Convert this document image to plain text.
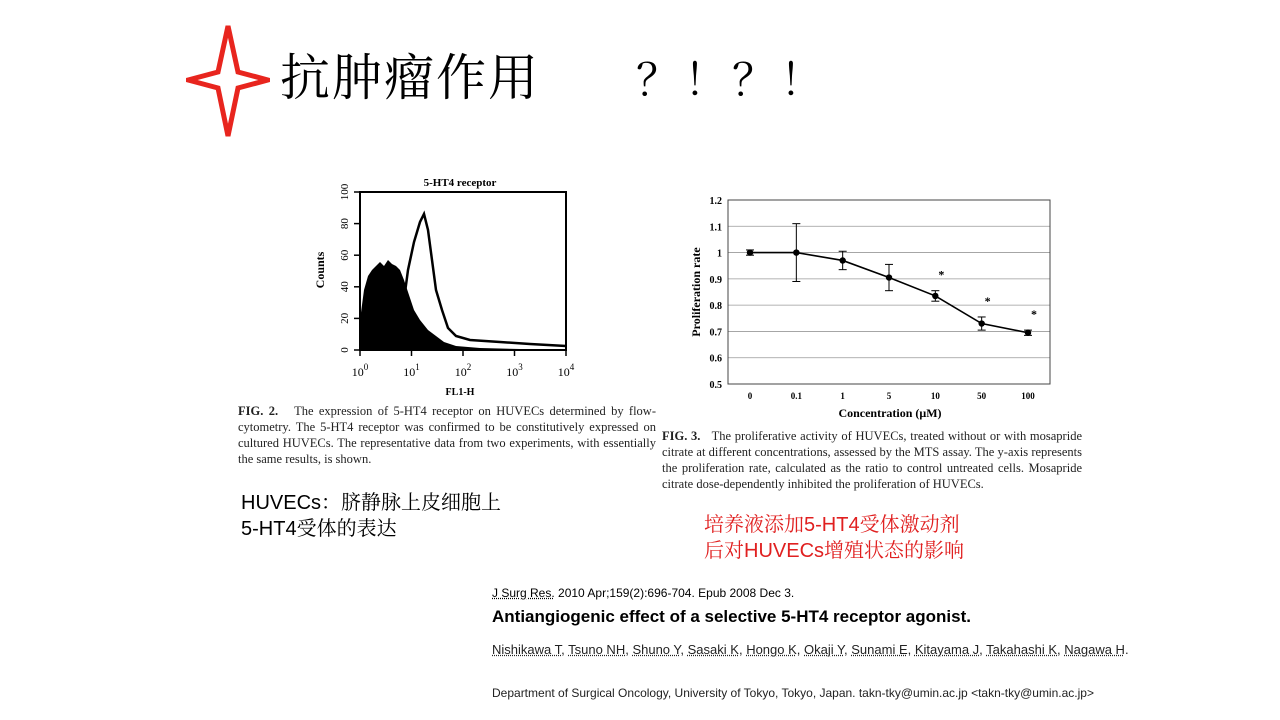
抗肿瘤作用 ？！？！
5-HT4 receptor
Counts
0
20
40
60
80
100
$10^0$	$10^1$	$10^2$	$10^3$	$10^4$
FL1-H
FIG. 2. The expression of 5-HT4 receptor on HUVECs determined by flow-cytometry. The 5-HT4 receptor was confirmed to be constitutively expressed on cultured HUVECs. The representative data from two experiments, with essentially the same results, is shown.
0.5
0.6
0.7
0.8
0.9
1
1.1
1.2
0	0.1	1	5	10	50	100
*
*
*
Proliferation rate
Concentration (μM)
FIG. 3. The proliferative activity of HUVECs, treated without or with mosapride citrate at different concentrations, assessed by the MTS assay. The y-axis represents the proliferation rate, calculated as the ratio to control untreated cells. Mosapride citrate dose-dependently inhibited the proliferation of HUVECs.
HUVECs：脐静脉上皮细胞上
5-HT4受体的表达	培养液添加5-HT4受体激动剂
后对HUVECs增殖状态的影响
J Surg Res. 2010 Apr;159(2):696-704. Epub 2008 Dec 3.
Antiangiogenic effect of a selective 5-HT4 receptor agonist.
Nishikawa T, Tsuno NH, Shuno Y, Sasaki K, Hongo K, Okaji Y, Sunami E, Kitayama J, Takahashi K, Nagawa H.
Department of Surgical Oncology, University of Tokyo, Tokyo, Japan. takn-tky@umin.ac.jp <takn-tky@umin.ac.jp>
